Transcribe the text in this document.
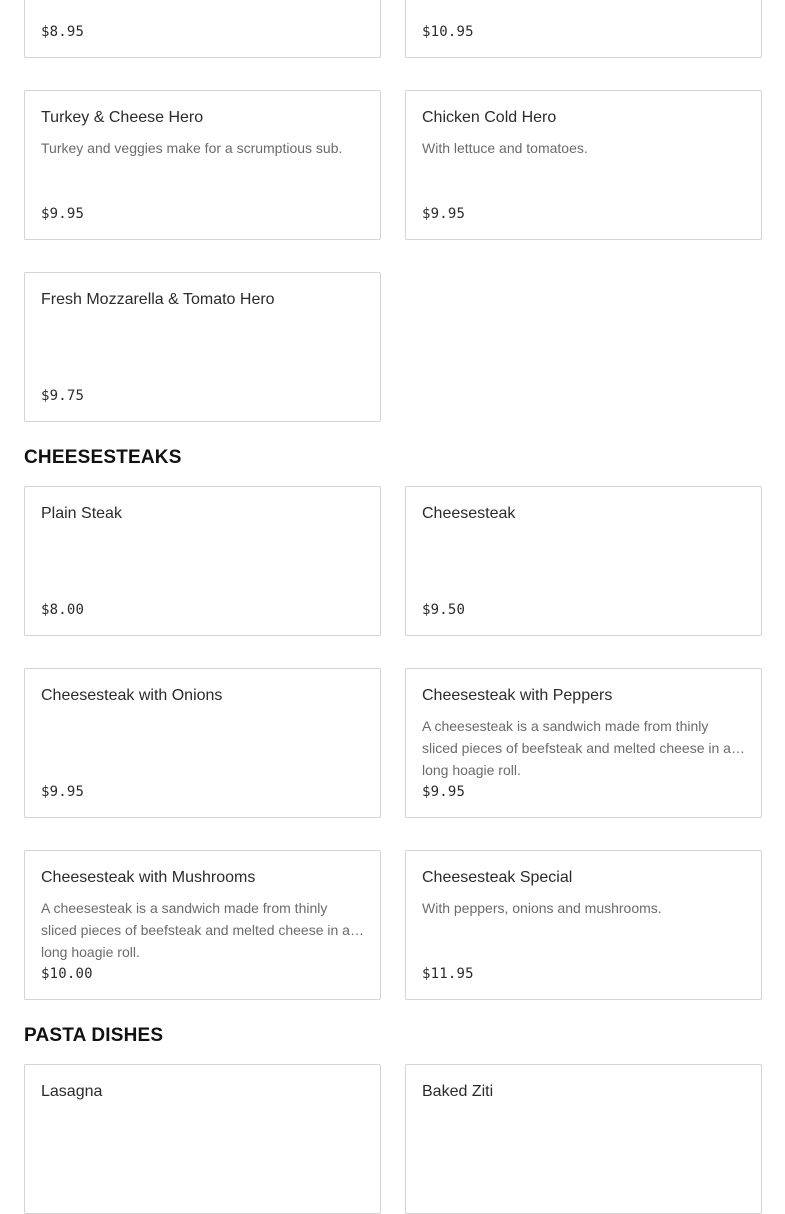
$8.95	$10.95
Turkey & Cheese Hero
Turkey and veggies make for a scrumptious sub.
$9.95
Chicken Cold Hero
With lettuce and tomatoes.
$9.95
Fresh Mozzarella & Tomato Hero
$9.75
CHEESESTEAKS
Plain Steak
$8.00
Cheesesteak
$9.50
Cheesesteak with Onions
$9.95
Cheesesteak with Peppers
A cheesesteak is a sandwich made from thinly sliced pieces of beefsteak and melted cheese in a long hoagie roll.
$9.95
Cheesesteak with Mushrooms
A cheesesteak is a sandwich made from thinly sliced pieces of beefsteak and melted cheese in a long hoagie roll.
$10.00
Cheesesteak Special
With peppers, onions and mushrooms.
$11.95
PASTA DISHES
Lasagna	Baked Ziti
